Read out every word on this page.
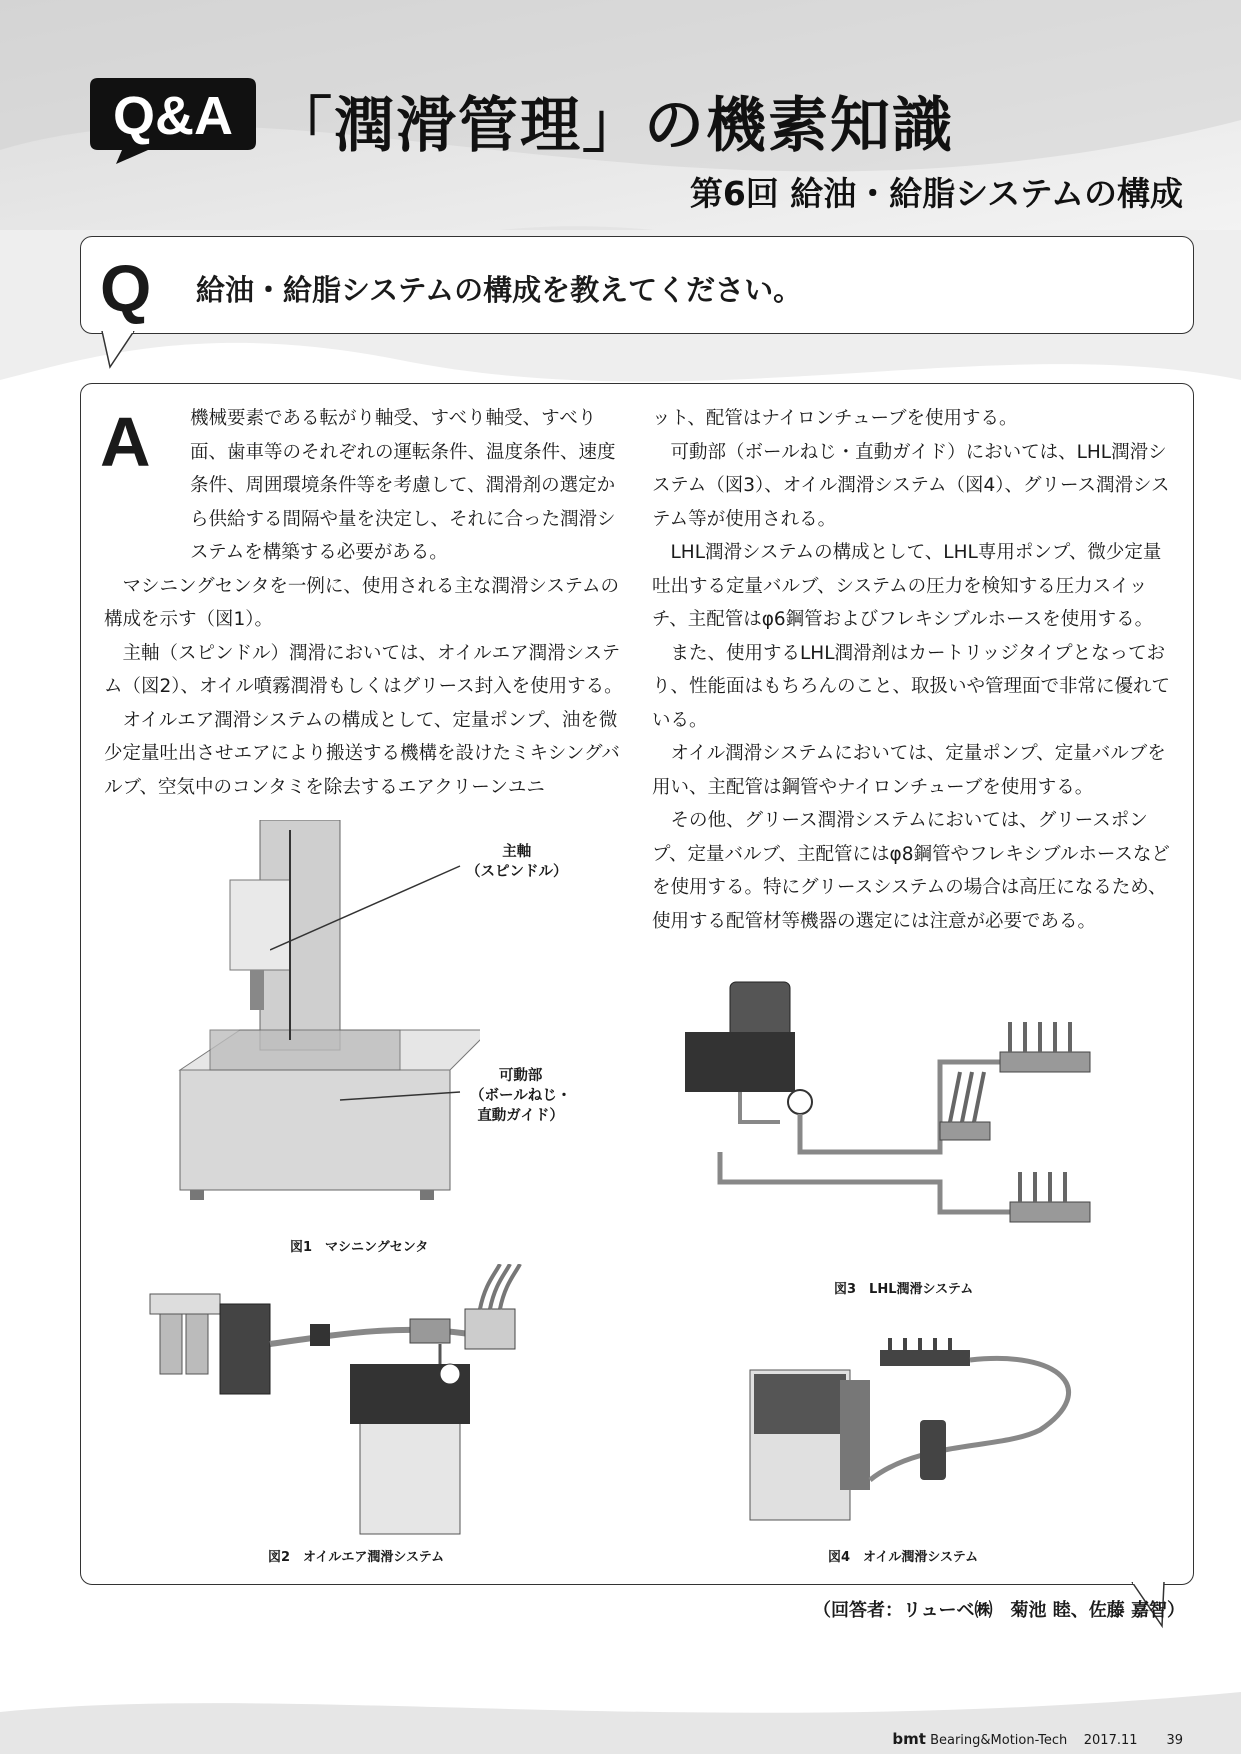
Q&A 「潤滑管理」の機素知識
第6回 給油・給脂システムの構成
Q 給油・給脂システムの構成を教えてください。
A	機械要素である転がり軸受、すべり軸受、すべり面、歯車等のそれぞれの運転条件、温度条件、速度条件、周囲環境条件等を考慮して、潤滑剤の選定から供給する間隔や量を決定し、それに合った潤滑システムを構築する必要がある。

マシニングセンタを一例に、使用される主な潤滑システムの構成を示す（図1）。

主軸（スピンドル）潤滑においては、オイルエア潤滑システム（図2）、オイル噴霧潤滑もしくはグリース封入を使用する。

オイルエア潤滑システムの構成として、定量ポンプ、油を微少定量吐出させエアにより搬送する機構を設けたミキシングバルブ、空気中のコンタミを除去するエアクリーンユニ

ット、配管はナイロンチューブを使用する。

可動部（ボールねじ・直動ガイド）においては、LHL潤滑システム（図3）、オイル潤滑システム（図4）、グリース潤滑システム等が使用される。

LHL潤滑システムの構成として、LHL専用ポンプ、微少定量吐出する定量バルブ、システムの圧力を検知する圧力スイッチ、主配管はφ6鋼管およびフレキシブルホースを使用する。

また、使用するLHL潤滑剤はカートリッジタイプとなっており、性能面はもちろんのこと、取扱いや管理面で非常に優れている。

オイル潤滑システムにおいては、定量ポンプ、定量バルブを用い、主配管は鋼管やナイロンチューブを使用する。

その他、グリース潤滑システムにおいては、グリースポンプ、定量バルブ、主配管にはφ8鋼管やフレキシブルホースなどを使用する。特にグリースシステムの場合は高圧になるため、使用する配管材等機器の選定には注意が必要である。

主軸
（スピンドル）
可動部
（ボールねじ・
直動ガイド）
図1　マシニングセンタ
図2　オイルエア潤滑システム
図3　LHL潤滑システム
図4　オイル潤滑システム
（回答者：リューベ㈱　菊池 睦、佐藤 嘉智）
bmt Bearing&Motion-Tech 2017.11 39
